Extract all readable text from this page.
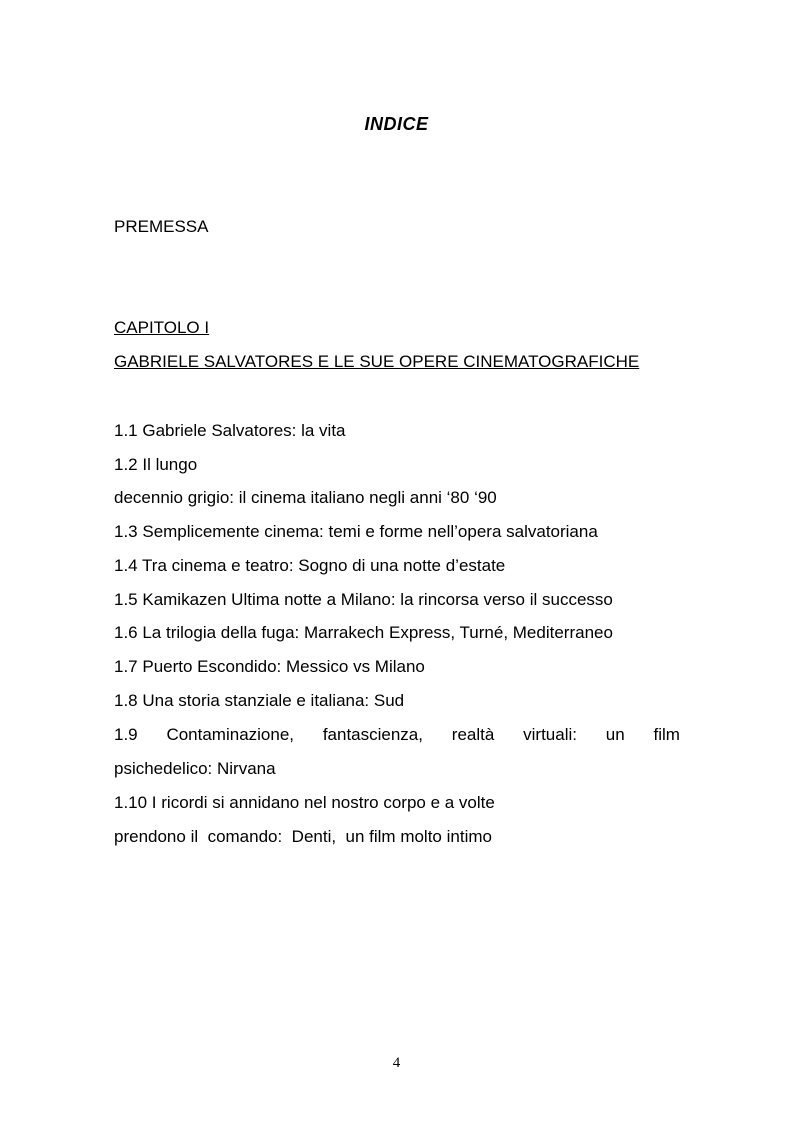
INDICE
PREMESSA
CAPITOLO I
GABRIELE SALVATORES E LE SUE OPERE CINEMATOGRAFICHE
1.1 Gabriele Salvatores: la vita
1.2 Il lungo
decennio grigio: il cinema italiano negli anni ‘80 ‘90
1.3 Semplicemente cinema: temi e forme nell’opera salvatoriana
1.4 Tra cinema e teatro: Sogno di una notte d’estate
1.5 Kamikazen Ultima notte a Milano: la rincorsa verso il successo
1.6 La trilogia della fuga: Marrakech Express, Turné, Mediterraneo
1.7 Puerto Escondido: Messico vs Milano
1.8 Una storia stanziale e italiana: Sud
1.9 Contaminazione, fantascienza, realtà virtuali: un film
psichedelico: Nirvana
1.10 I ricordi si annidano nel nostro corpo e a volte
prendono il  comando:  Denti,  un film molto intimo
4
